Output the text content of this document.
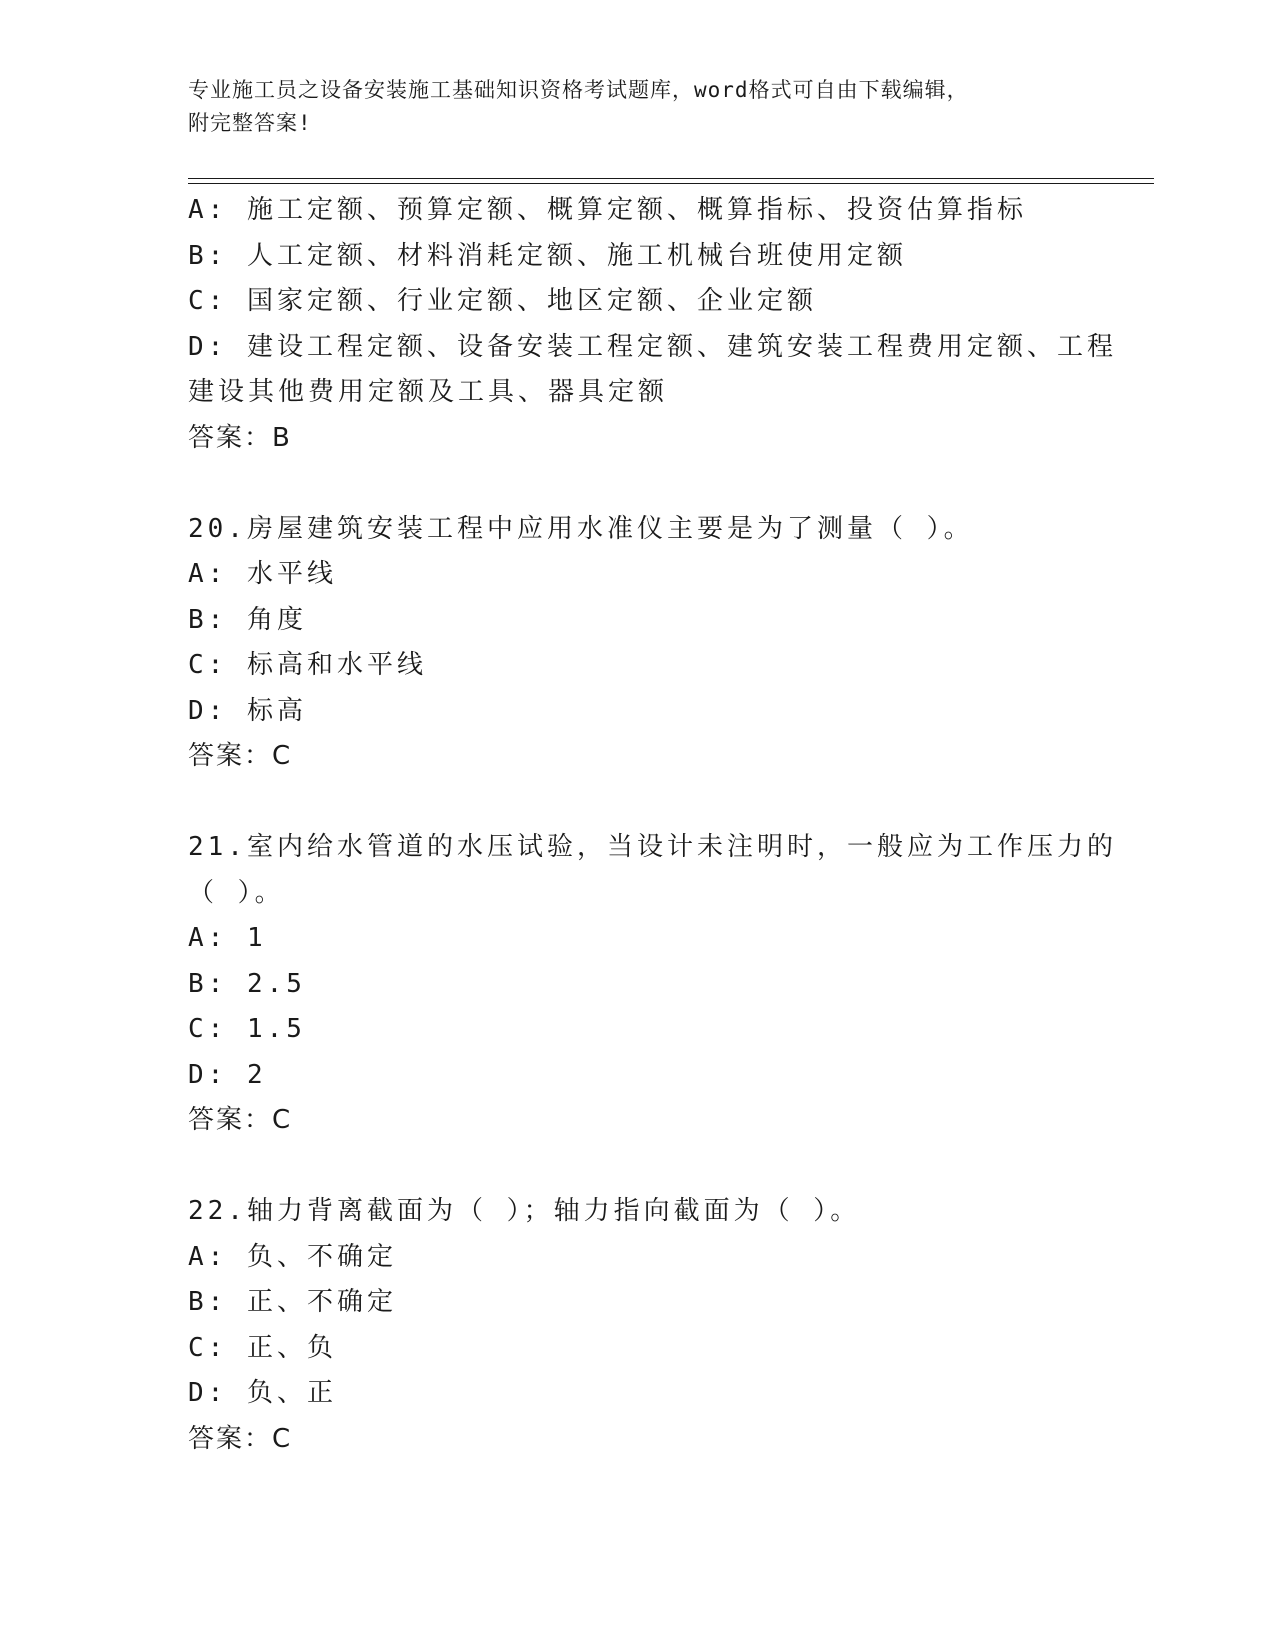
专业施工员之设备安装施工基础知识资格考试题库，word格式可自由下载编辑，
附完整答案!
A: 施工定额、预算定额、概算定额、概算指标、投资估算指标
B: 人工定额、材料消耗定额、施工机械台班使用定额
C: 国家定额、行业定额、地区定额、企业定额
D: 建设工程定额、设备安装工程定额、建筑安装工程费用定额、工程
建设其他费用定额及工具、器具定额
答案：B
20.房屋建筑安装工程中应用水准仪主要是为了测量（ ）。
A: 水平线
B: 角度
C: 标高和水平线
D: 标高
答案：C
21.室内给水管道的水压试验，当设计未注明时，一般应为工作压力的
（ ）。
A: 1
B: 2.5
C: 1.5
D: 2
答案：C
22.轴力背离截面为（ ）；轴力指向截面为（ ）。
A: 负、不确定
B: 正、不确定
C: 正、负
D: 负、正
答案：C
